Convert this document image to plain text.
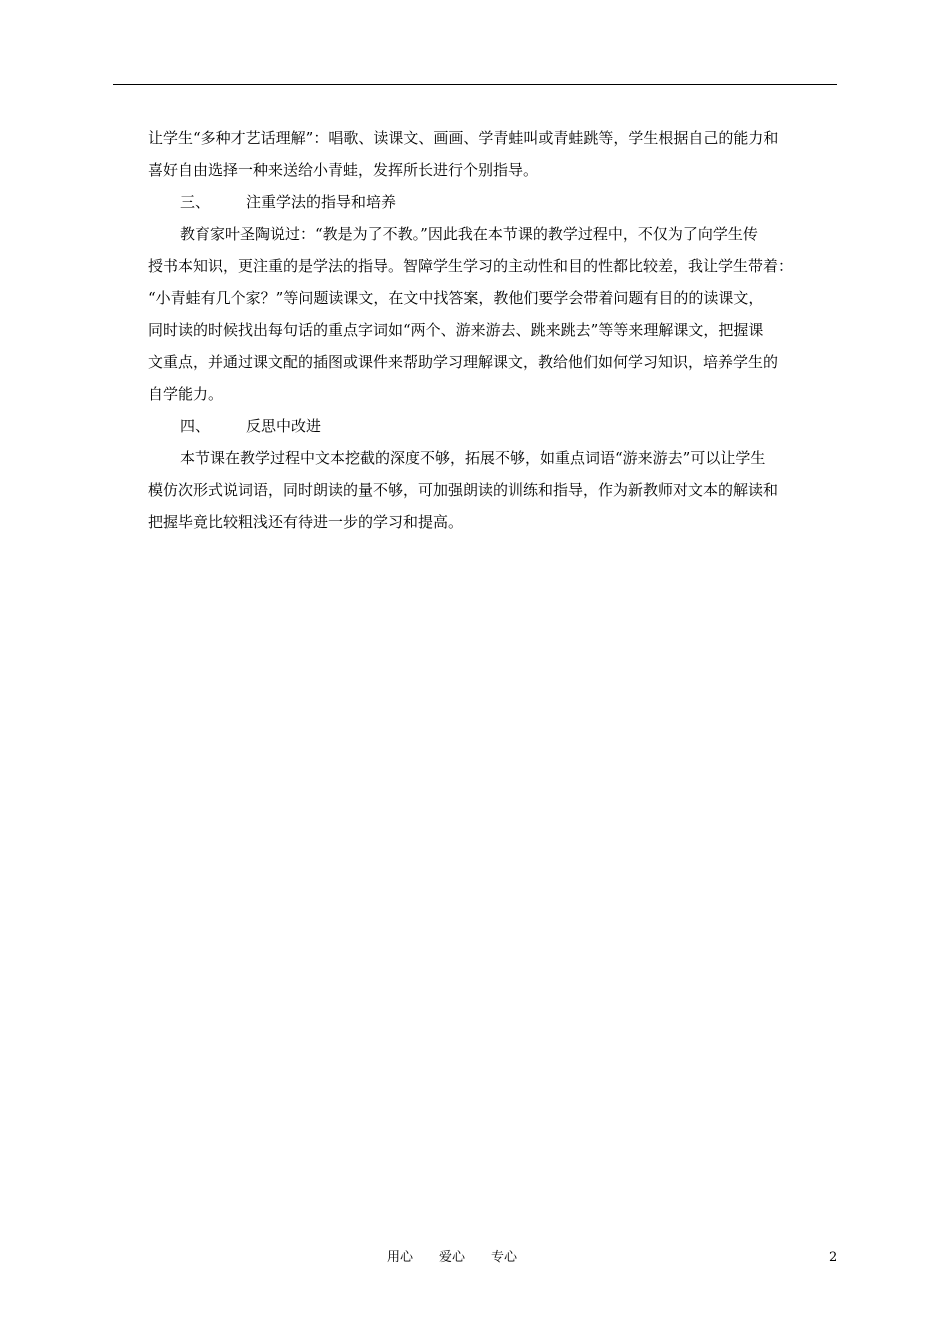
让学生“多种才艺话理解”：唱歌、读课文、画画、学青蛙叫或青蛙跳等，学生根据自己的能力和
喜好自由选择一种来送给小青蛙，发挥所长进行个别指导。
三、 注重学法的指导和培养
教育家叶圣陶说过：“教是为了不教。”因此我在本节课的教学过程中，不仅为了向学生传
授书本知识，更注重的是学法的指导。智障学生学习的主动性和目的性都比较差，我让学生带着：
“小青蛙有几个家？”等问题读课文，在文中找答案，教他们要学会带着问题有目的的读课文，
同时读的时候找出每句话的重点字词如“两个、游来游去、跳来跳去”等等来理解课文，把握课
文重点，并通过课文配的插图或课件来帮助学习理解课文，教给他们如何学习知识，培养学生的
自学能力。
四、 反思中改进
本节课在教学过程中文本挖截的深度不够，拓展不够，如重点词语“游来游去”可以让学生
模仿次形式说词语，同时朗读的量不够，可加强朗读的训练和指导，作为新教师对文本的解读和
把握毕竟比较粗浅还有待进一步的学习和提高。
用心 爱心 专心	2
